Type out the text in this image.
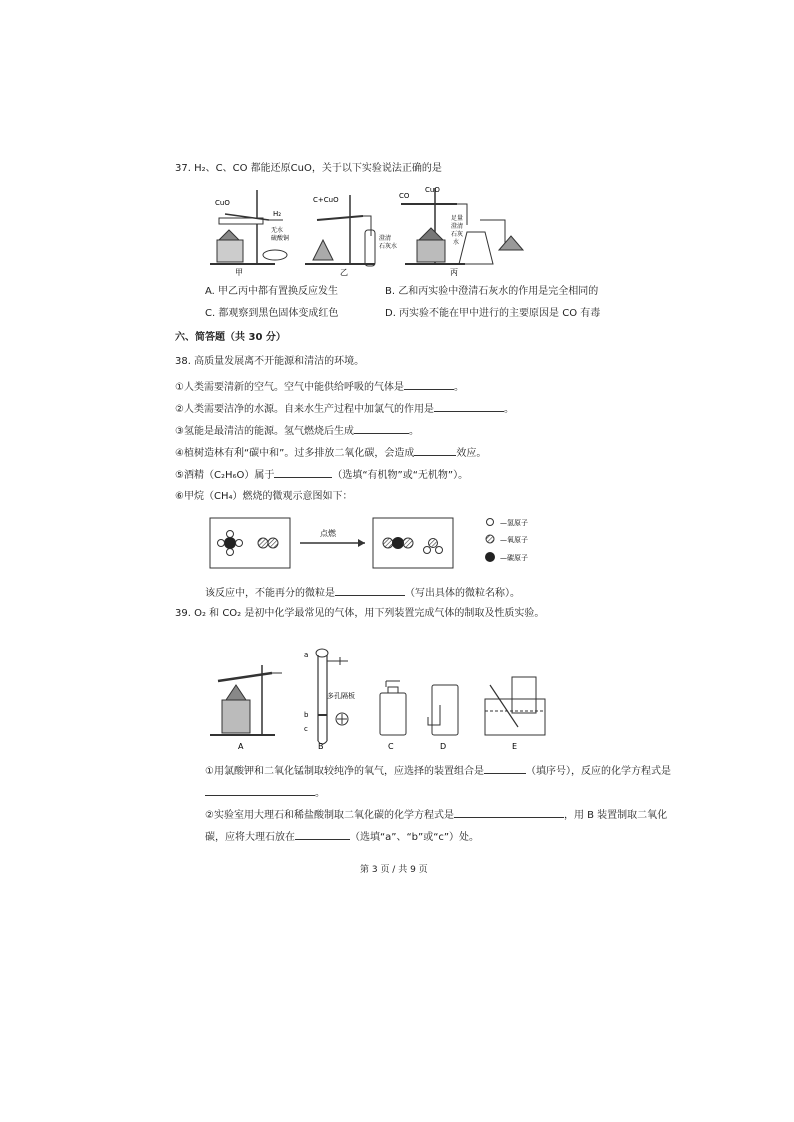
37. H₂、C、CO 都能还原CuO，关于以下实验说法正确的是
CuO
H₂
无水
硫酸铜
甲
C+CuO
澄清
石灰水
乙
CO
CuO
足量
澄清
石灰
水
丙
A. 甲乙丙中都有置换反应发生	B. 乙和丙实验中澄清石灰水的作用是完全相同的
C. 都观察到黑色固体变成红色	D. 丙实验不能在甲中进行的主要原因是 CO 有毒
六、简答题（共 30 分）
38. 高质量发展离不开能源和清洁的环境。
①人类需要清新的空气。空气中能供给呼吸的气体是	。
②人类需要洁净的水源。自来水生产过程中加氯气的作用是	。
③氢能是最清洁的能源。氢气燃烧后生成	。
④植树造林有利“碳中和”。过多排放二氧化碳，会造成	效应。
⑤酒精（C₂H₆O）属于	（选填“有机物”或“无机物”）。
⑥甲烷（CH₄）燃烧的微观示意图如下：
点燃
—氢原子
—氧原子
—碳原子
该反应中，不能再分的微粒是	（写出具体的微粒名称）。
39. O₂ 和 CO₂ 是初中化学最常见的气体，用下列装置完成气体的制取及性质实验。
A
a
b
c
多孔隔板
B	C	D	E
①用氯酸钾和二氧化锰制取较纯净的氧气，应选择的装置组合是	（填序号），反应的化学方程式是
。
②实验室用大理石和稀盐酸制取二氧化碳的化学方程式是	，用 B 装置制取二氧化
碳，应将大理石放在	（选填“a”、“b”或“c”）处。
第 3 页 / 共 9 页
